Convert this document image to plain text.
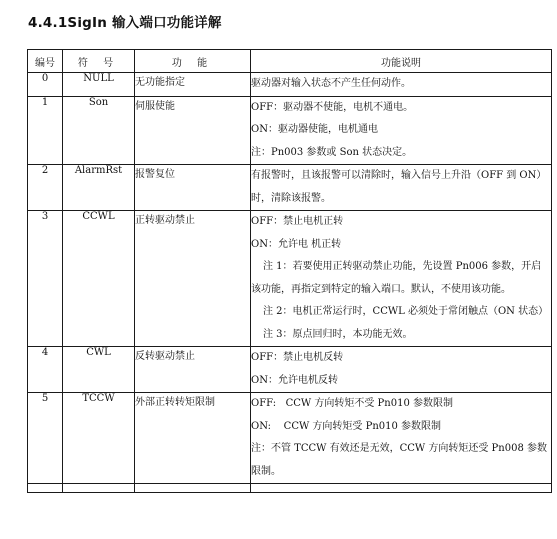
4.4.1SigIn 输入端口功能详解
编号	符 号	功 能	功能说明
0	NULL	无功能指定	驱动器对输入状态不产生任何动作。

1	Son	伺服使能	OFF：驱动器不使能，电机不通电。
ON：驱动器使能，电机通电
注：Pn003 参数或 Son 状态决定。

2	AlarmRst	报警复位	有报警时，且该报警可以清除时，输入信号上升沿（OFF 到 ON）时，清除该报警。

3	CCWL	正转驱动禁止	OFF：禁止电机正转
ON：允许电 机正转
注 1：若要使用正转驱动禁止功能，先设置 Pn006 参数，开启该功能，再指定到特定的输入端口。默认，不使用该功能。
注 2：电机正常运行时，CCWL 必须处于常闭触点（ON 状态）
注 3：原点回归时，本功能无效。

4	CWL	反转驱动禁止	OFF：禁止电机反转
ON：允许电机反转

5	TCCW	外部正转转矩限制	OFF:   CCW 方向转矩不受 Pn010 参数限制
ON:    CCW 方向转矩受 Pn010 参数限制
注：不管 TCCW 有效还是无效，CCW 方向转矩还受 Pn008 参数限制。
